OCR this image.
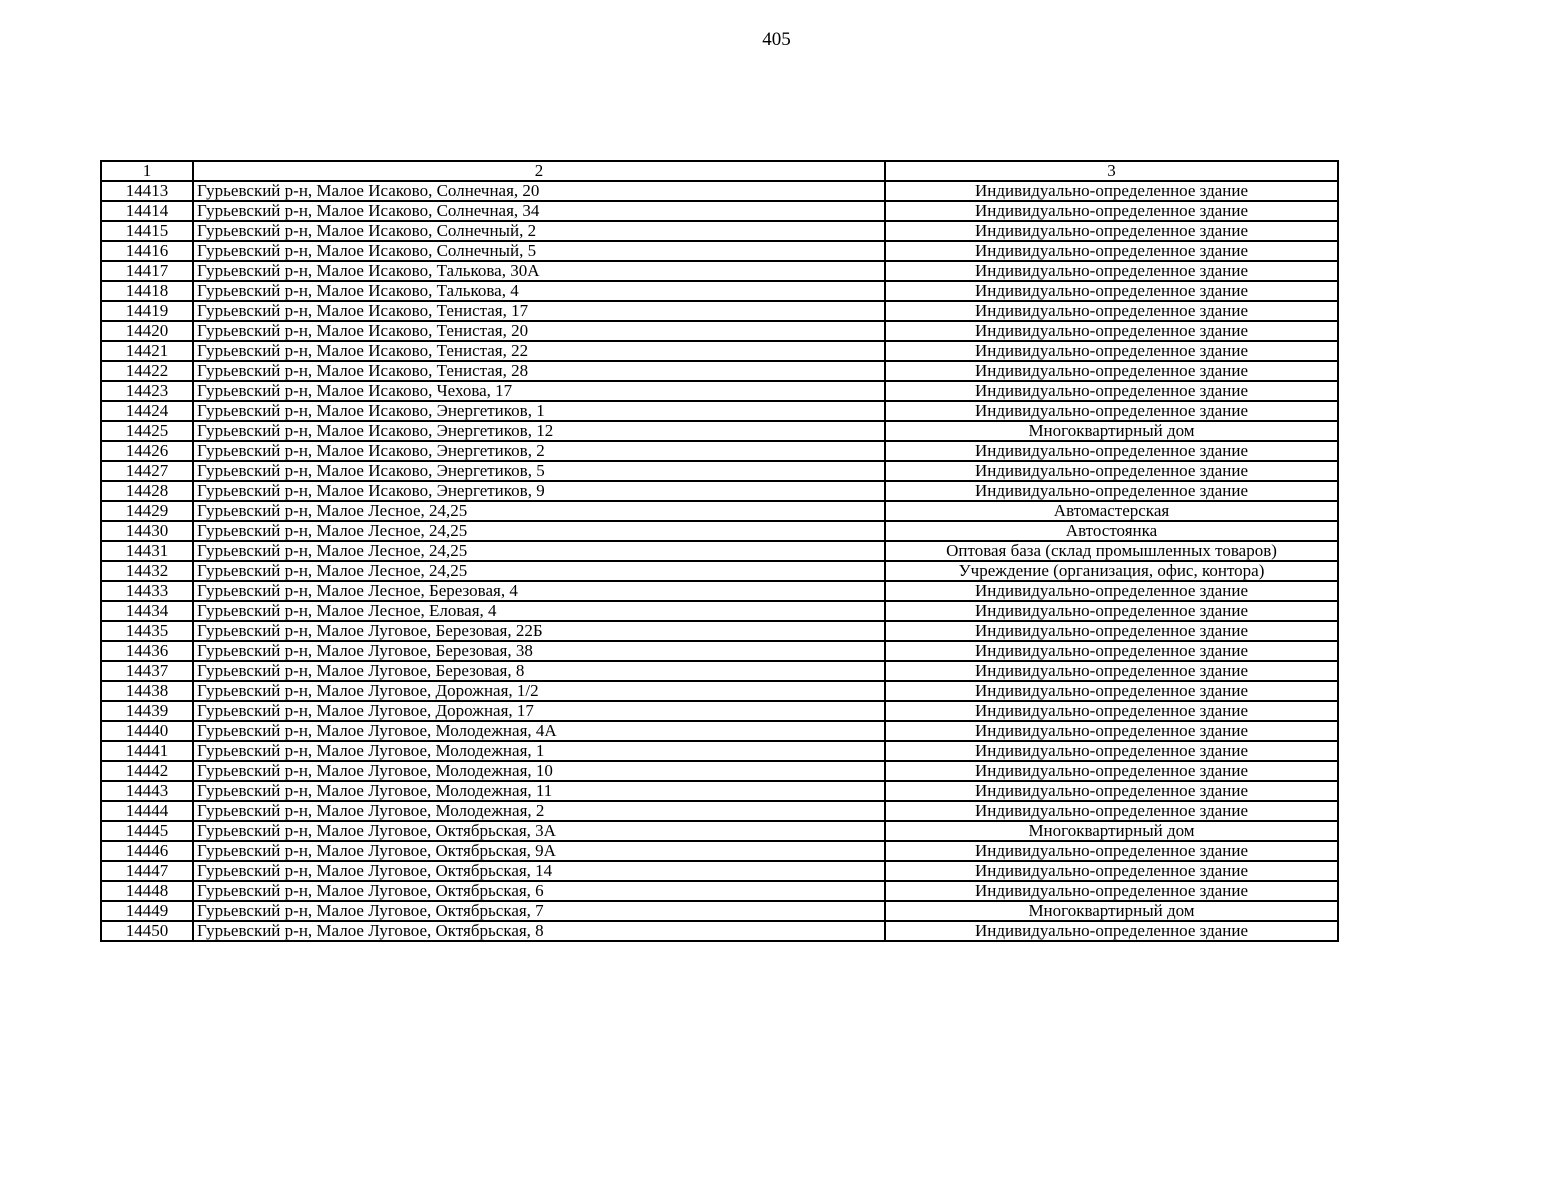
405
1	2	3
14413	Гурьевский р-н, Малое Исаково, Солнечная, 20	Индивидуально-определенное здание
14414	Гурьевский р-н, Малое Исаково, Солнечная, 34	Индивидуально-определенное здание
14415	Гурьевский р-н, Малое Исаково, Солнечный, 2	Индивидуально-определенное здание
14416	Гурьевский р-н, Малое Исаково, Солнечный, 5	Индивидуально-определенное здание
14417	Гурьевский р-н, Малое Исаково, Талькова, 30А	Индивидуально-определенное здание
14418	Гурьевский р-н, Малое Исаково, Талькова, 4	Индивидуально-определенное здание
14419	Гурьевский р-н, Малое Исаково, Тенистая, 17	Индивидуально-определенное здание
14420	Гурьевский р-н, Малое Исаково, Тенистая, 20	Индивидуально-определенное здание
14421	Гурьевский р-н, Малое Исаково, Тенистая, 22	Индивидуально-определенное здание
14422	Гурьевский р-н, Малое Исаково, Тенистая, 28	Индивидуально-определенное здание
14423	Гурьевский р-н, Малое Исаково, Чехова, 17	Индивидуально-определенное здание
14424	Гурьевский р-н, Малое Исаково, Энергетиков, 1	Индивидуально-определенное здание
14425	Гурьевский р-н, Малое Исаково, Энергетиков, 12	Многоквартирный дом
14426	Гурьевский р-н, Малое Исаково, Энергетиков, 2	Индивидуально-определенное здание
14427	Гурьевский р-н, Малое Исаково, Энергетиков, 5	Индивидуально-определенное здание
14428	Гурьевский р-н, Малое Исаково, Энергетиков, 9	Индивидуально-определенное здание
14429	Гурьевский р-н, Малое Лесное, 24,25	Автомастерская
14430	Гурьевский р-н, Малое Лесное, 24,25	Автостоянка
14431	Гурьевский р-н, Малое Лесное, 24,25	Оптовая база (склад промышленных товаров)
14432	Гурьевский р-н, Малое Лесное, 24,25	Учреждение (организация, офис, контора)
14433	Гурьевский р-н, Малое Лесное, Березовая, 4	Индивидуально-определенное здание
14434	Гурьевский р-н, Малое Лесное, Еловая, 4	Индивидуально-определенное здание
14435	Гурьевский р-н, Малое Луговое, Березовая, 22Б	Индивидуально-определенное здание
14436	Гурьевский р-н, Малое Луговое, Березовая, 38	Индивидуально-определенное здание
14437	Гурьевский р-н, Малое Луговое, Березовая, 8	Индивидуально-определенное здание
14438	Гурьевский р-н, Малое Луговое, Дорожная, 1/2	Индивидуально-определенное здание
14439	Гурьевский р-н, Малое Луговое, Дорожная, 17	Индивидуально-определенное здание
14440	Гурьевский р-н, Малое Луговое, Молодежная, 4А	Индивидуально-определенное здание
14441	Гурьевский р-н, Малое Луговое, Молодежная, 1	Индивидуально-определенное здание
14442	Гурьевский р-н, Малое Луговое, Молодежная, 10	Индивидуально-определенное здание
14443	Гурьевский р-н, Малое Луговое, Молодежная, 11	Индивидуально-определенное здание
14444	Гурьевский р-н, Малое Луговое, Молодежная, 2	Индивидуально-определенное здание
14445	Гурьевский р-н, Малое Луговое, Октябрьская, 3А	Многоквартирный дом
14446	Гурьевский р-н, Малое Луговое, Октябрьская, 9А	Индивидуально-определенное здание
14447	Гурьевский р-н, Малое Луговое, Октябрьская, 14	Индивидуально-определенное здание
14448	Гурьевский р-н, Малое Луговое, Октябрьская, 6	Индивидуально-определенное здание
14449	Гурьевский р-н, Малое Луговое, Октябрьская, 7	Многоквартирный дом
14450	Гурьевский р-н, Малое Луговое, Октябрьская, 8	Индивидуально-определенное здание
